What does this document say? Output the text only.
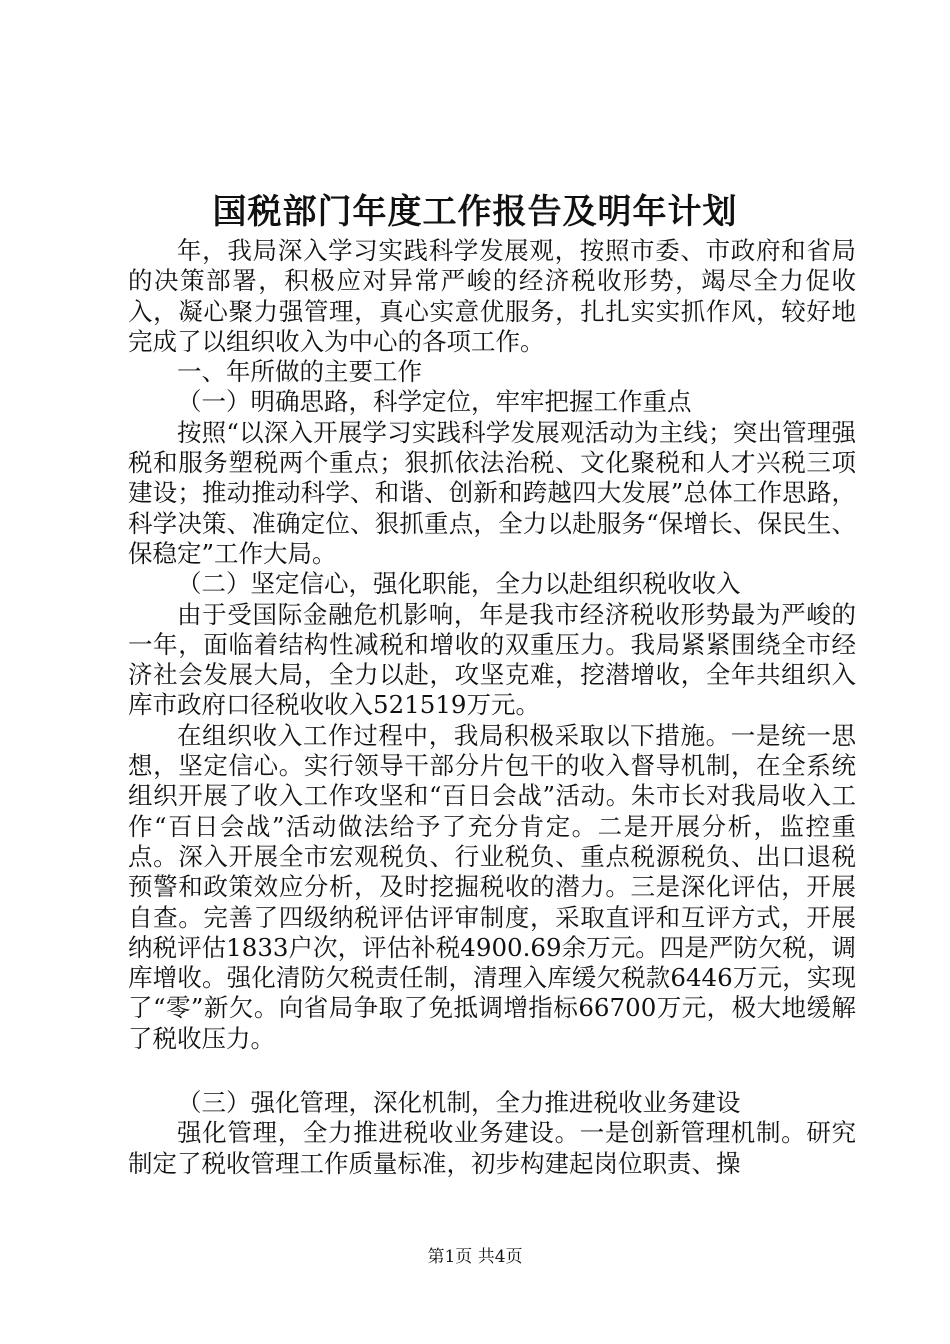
国税部门年度工作报告及明年计划

年，我局深入学习实践科学发展观，按照市委、市政府和省局的决策部署，积极应对异常严峻的经济税收形势，竭尽全力促收入，凝心聚力强管理，真心实意优服务，扎扎实实抓作风，较好地完成了以组织收入为中心的各项工作。

一、年所做的主要工作

（一）明确思路，科学定位，牢牢把握工作重点

按照“以深入开展学习实践科学发展观活动为主线；突出管理强税和服务塑税两个重点；狠抓依法治税、文化聚税和人才兴税三项建设；推动推动科学、和谐、创新和跨越四大发展”总体工作思路，科学决策、准确定位、狠抓重点，全力以赴服务“保增长、保民生、保稳定”工作大局。

（二）坚定信心，强化职能，全力以赴组织税收收入

由于受国际金融危机影响，年是我市经济税收形势最为严峻的一年，面临着结构性减税和增收的双重压力。我局紧紧围绕全市经济社会发展大局，全力以赴，攻坚克难，挖潜增收，全年共组织入库市政府口径税收收入521519万元。

在组织收入工作过程中，我局积极采取以下措施。一是统一思想，坚定信心。实行领导干部分片包干的收入督导机制，在全系统组织开展了收入工作攻坚和“百日会战”活动。朱市长对我局收入工作“百日会战”活动做法给予了充分肯定。二是开展分析，监控重点。深入开展全市宏观税负、行业税负、重点税源税负、出口退税预警和政策效应分析，及时挖掘税收的潜力。三是深化评估，开展自查。完善了四级纳税评估评审制度，采取直评和互评方式，开展纳税评估1833户次，评估补税4900.69余万元。四是严防欠税，调库增收。强化清防欠税责任制，清理入库缓欠税款6446万元，实现了“零”新欠。向省局争取了免抵调增指标66700万元，极大地缓解了税收压力。

（三）强化管理，深化机制，全力推进税收业务建设

强化管理，全力推进税收业务建设。一是创新管理机制。研究制定了税收管理工作质量标准，初步构建起岗位职责、操

第1页 共4页
